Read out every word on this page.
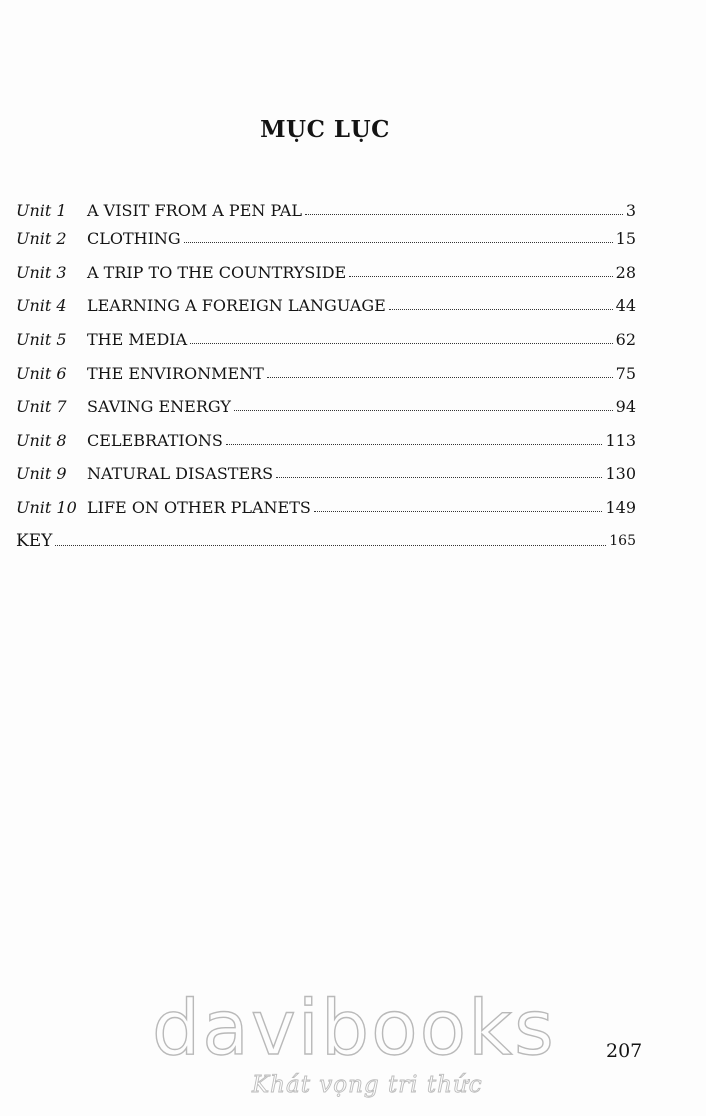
MỤC LỤC
Unit 1	A VISIT FROM A PEN PAL	3
Unit 2	CLOTHING	15
Unit 3	A TRIP TO THE COUNTRYSIDE	28
Unit 4	LEARNING A FOREIGN LANGUAGE	44
Unit 5	THE MEDIA	62
Unit 6	THE ENVIRONMENT	75
Unit 7	SAVING ENERGY	94
Unit 8	CELEBRATIONS	113
Unit 9	NATURAL DISASTERS	130
Unit 10 LIFE ON OTHER PLANETS	149
KEY	165
davibooks
Khát vọng tri thức
207
